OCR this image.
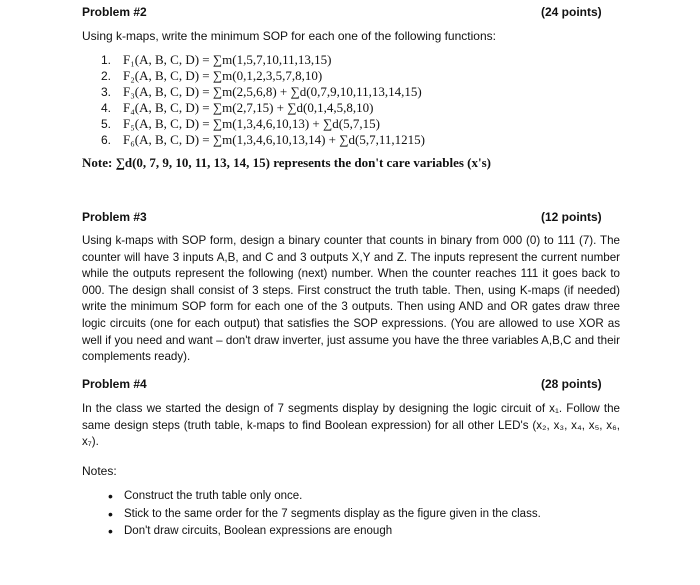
Problem #2	(24 points)
Using k-maps, write the minimum SOP for each one of the following functions:
1. F₁(A, B, C, D) = ∑m(1,5,7,10,11,13,15)
2. F₂(A, B, C, D) = ∑m(0,1,2,3,5,7,8,10)
3. F₃(A, B, C, D) = ∑m(2,5,6,8) + ∑d(0,7,9,10,11,13,14,15)
4. F₄(A, B, C, D) = ∑m(2,7,15) + ∑d(0,1,4,5,8,10)
5. F₅(A, B, C, D) = ∑m(1,3,4,6,10,13) + ∑d(5,7,15)
6. F₆(A, B, C, D) = ∑m(1,3,4,6,10,13,14) + ∑d(5,7,11,1215)
Note: ∑d(0, 7, 9, 10, 11, 13, 14, 15) represents the don't care variables (x's)
Problem #3	(12 points)
Using k-maps with SOP form, design a binary counter that counts in binary from 000 (0) to 111 (7). The counter will have 3 inputs A,B, and C and 3 outputs X,Y and Z. The inputs represent the current number while the outputs represent the following (next) number. When the counter reaches 111 it goes back to 000. The design shall consist of 3 steps. First construct the truth table. Then, using K-maps (if needed) write the minimum SOP form for each one of the 3 outputs. Then using AND and OR gates draw three logic circuits (one for each output) that satisfies the SOP expressions. (You are allowed to use XOR as well if you need and want – don't draw inverter, just assume you have the three variables A,B,C and their complements ready).
Problem #4	(28 points)
In the class we started the design of 7 segments display by designing the logic circuit of x₁. Follow the same design steps (truth table, k-maps to find Boolean expression) for all other LED's (x₂, x₃, x₄, x₅, x₆, x₇).
Notes:
• Construct the truth table only once.
• Stick to the same order for the 7 segments display as the figure given in the class.
• Don't draw circuits, Boolean expressions are enough
